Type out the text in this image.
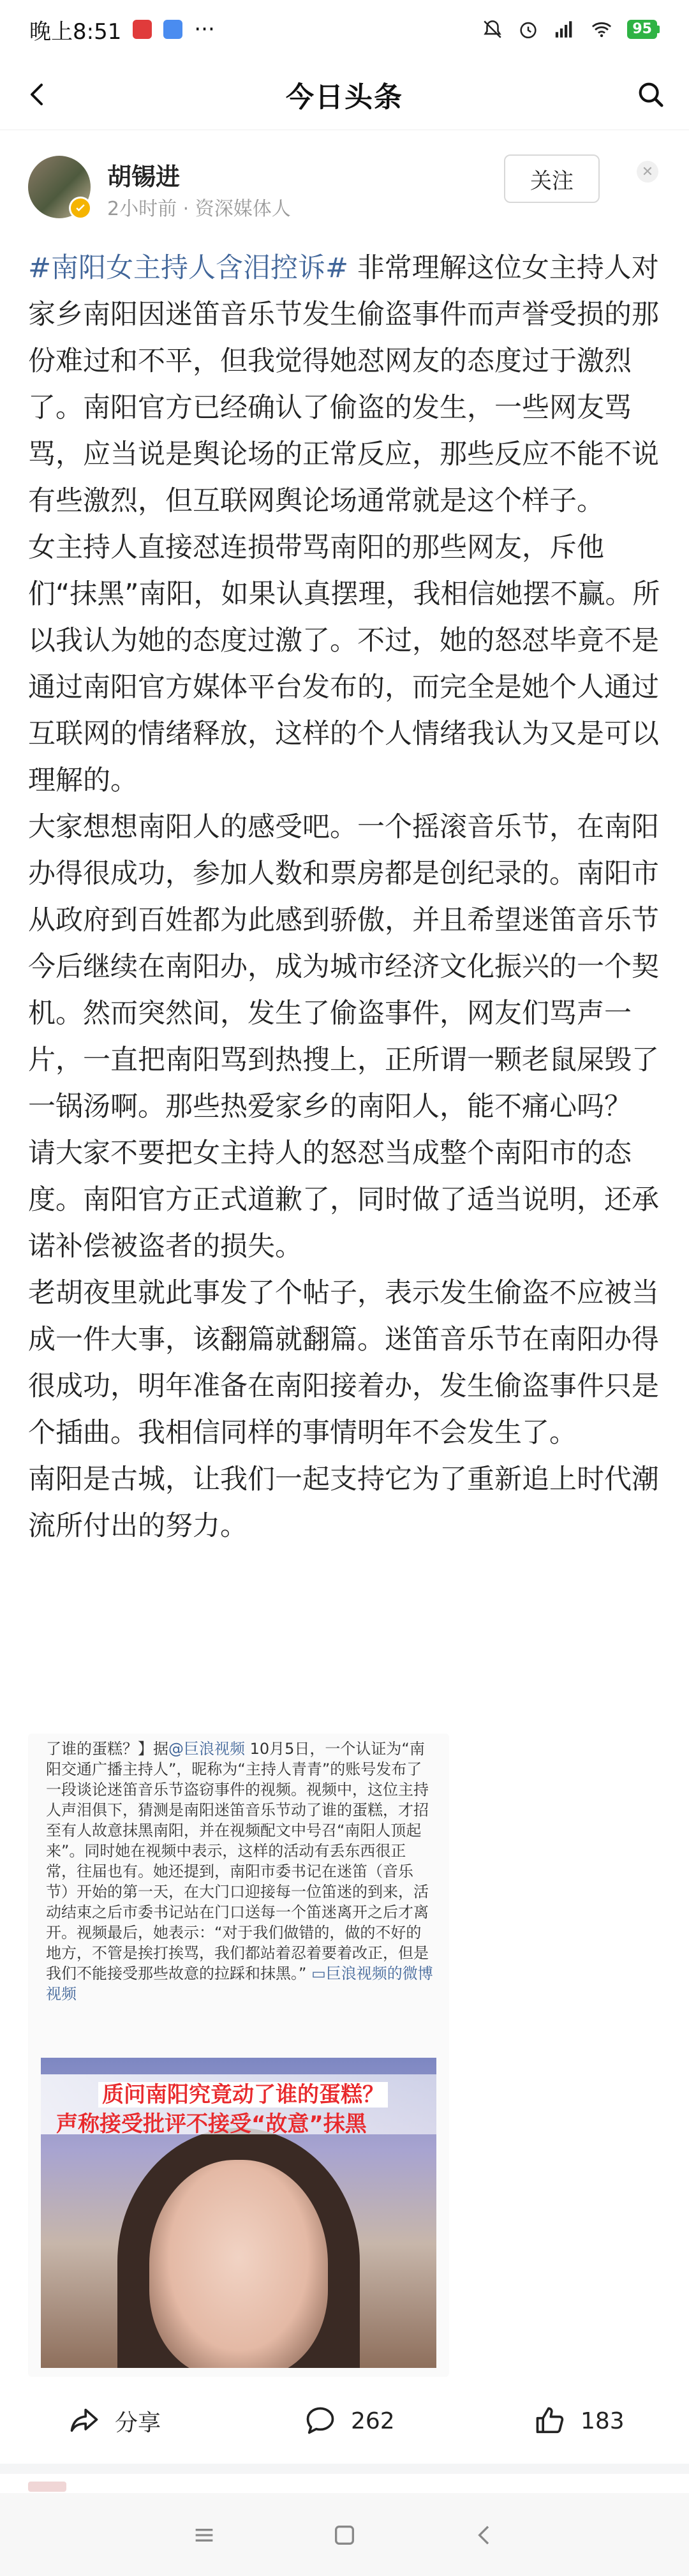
晚上8:51	···	95
今日头条
胡锡进
2小时前 · 资深媒体人
关注	✕

#南阳女主持人含泪控诉# 非常理解这位女主持人对家乡南阳因迷笛音乐节发生偷盗事件而声誉受损的那份难过和不平，但我觉得她怼网友的态度过于激烈了。南阳官方已经确认了偷盗的发生，一些网友骂骂，应当说是舆论场的正常反应，那些反应不能不说有些激烈，但互联网舆论场通常就是这个样子。

女主持人直接怼连损带骂南阳的那些网友，斥他们“抹黑”南阳，如果认真摆理，我相信她摆不赢。所以我认为她的态度过激了。不过，她的怒怼毕竟不是通过南阳官方媒体平台发布的，而完全是她个人通过互联网的情绪释放，这样的个人情绪我认为又是可以理解的。

大家想想南阳人的感受吧。一个摇滚音乐节，在南阳办得很成功，参加人数和票房都是创纪录的。南阳市从政府到百姓都为此感到骄傲，并且希望迷笛音乐节今后继续在南阳办，成为城市经济文化振兴的一个契机。然而突然间，发生了偷盗事件，网友们骂声一片，一直把南阳骂到热搜上，正所谓一颗老鼠屎毁了一锅汤啊。那些热爱家乡的南阳人，能不痛心吗？

请大家不要把女主持人的怒怼当成整个南阳市的态度。南阳官方正式道歉了，同时做了适当说明，还承诺补偿被盗者的损失。

老胡夜里就此事发了个帖子，表示发生偷盗不应被当成一件大事，该翻篇就翻篇。迷笛音乐节在南阳办得很成功，明年准备在南阳接着办，发生偷盗事件只是个插曲。我相信同样的事情明年不会发生了。

南阳是古城，让我们一起支持它为了重新追上时代潮流所付出的努力。

了谁的蛋糕？】据@巨浪视频 10月5日，一个认证为“南阳交通广播主持人”，昵称为“主持人青青”的账号发布了一段谈论迷笛音乐节盗窃事件的视频。视频中，这位主持人声泪俱下，猜测是南阳迷笛音乐节动了谁的蛋糕，才招至有人故意抹黑南阳，并在视频配文中号召“南阳人顶起来”。同时她在视频中表示，这样的活动有丢东西很正常，往届也有。她还提到，南阳市委书记在迷笛（音乐节）开始的第一天，在大门口迎接每一位笛迷的到来，活动结束之后市委书记站在门口送每一个笛迷离开之后才离开。视频最后，她表示：“对于我们做错的，做的不好的地方，不管是挨打挨骂，我们都站着忍着要着改正，但是我们不能接受那些故意的拉踩和抹黑。” ▭巨浪视频的微博视频
质问南阳究竟动了谁的蛋糕？
声称接受批评不接受“故意”抹黑
分享	262	183
